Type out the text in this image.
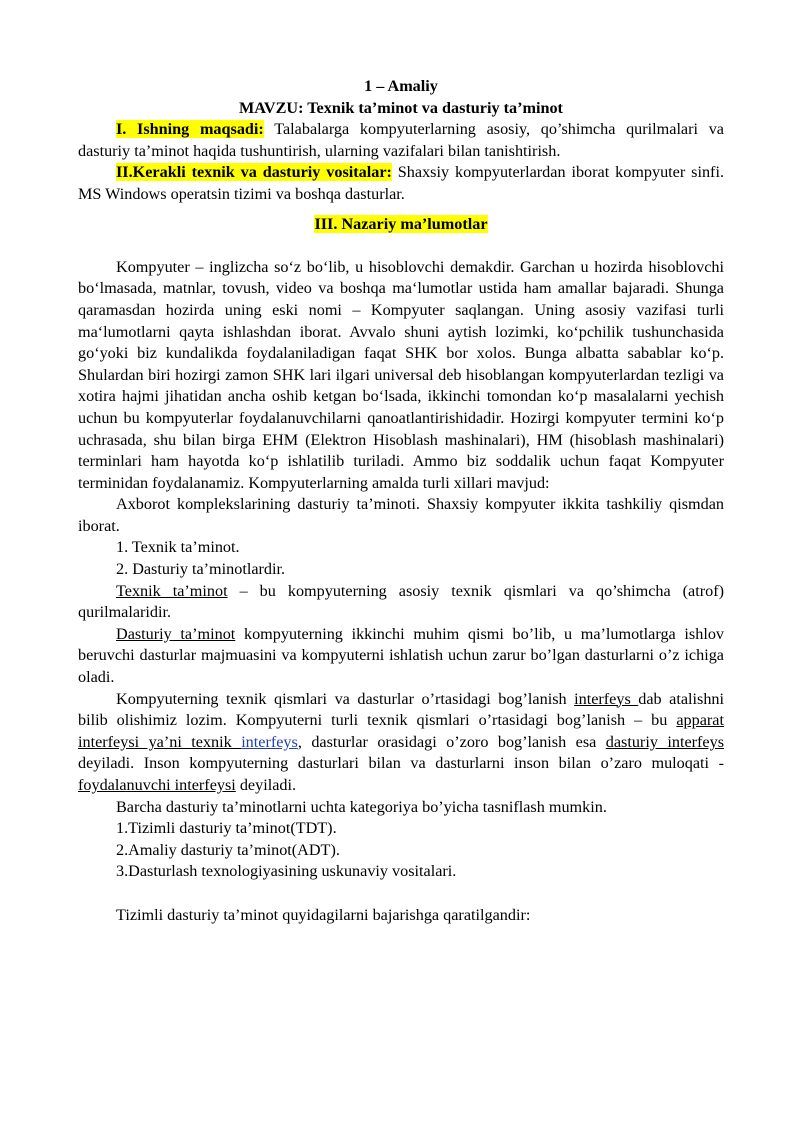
1 – Amaliy

MAVZU: Texnik ta’minot va dasturiy ta’minot

I. Ishning maqsadi: Talabalarga kompyuterlarning asosiy, qo’shimcha qurilmalari va dasturiy ta’minot haqida tushuntirish, ularning vazifalari bilan tanishtirish.

II.Kerakli texnik va dasturiy vositalar: Shaxsiy kompyuterlardan iborat kompyuter sinfi. MS Windows operatsin tizimi va boshqa dasturlar.

III. Nazariy ma’lumotlar

Kompyuter – inglizcha so‘z bo‘lib, u hisoblovchi demakdir. Garchan u hozirda hisoblovchi bo‘lmasada, matnlar, tovush, video va boshqa ma‘lumotlar ustida ham amallar bajaradi. Shunga qaramasdan hozirda uning eski nomi – Kompyuter saqlangan. Uning asosiy vazifasi turli ma‘lumotlarni qayta ishlashdan iborat. Avvalo shuni aytish lozimki, ko‘pchilik tushunchasida go‘yoki biz kundalikda foydalaniladigan faqat SHK bor xolos. Bunga albatta sabablar ko‘p. Shulardan biri hozirgi zamon SHK lari ilgari universal deb hisoblangan kompyuterlardan tezligi va xotira hajmi jihatidan ancha oshib ketgan bo‘lsada, ikkinchi tomondan ko‘p masalalarni yechish uchun bu kompyuterlar foydalanuvchilarni qanoatlantirishidadir. Hozirgi kompyuter termini ko‘p uchrasada, shu bilan birga EHM (Elektron Hisoblash mashinalari), HM (hisoblash mashinalari) terminlari ham hayotda ko‘p ishlatilib turiladi. Ammo biz soddalik uchun faqat Kompyuter terminidan foydalanamiz. Kompyuterlarning amalda turli xillari mavjud:

Axborot komplekslarining dasturiy ta’minoti. Shaxsiy kompyuter ikkita tashkiliy qismdan iborat.

1. Texnik ta’minot.

2. Dasturiy ta’minotlardir.

Texnik ta’minot – bu kompyuterning asosiy texnik qismlari va qo’shimcha (atrof) qurilmalaridir.

Dasturiy ta’minot kompyuterning ikkinchi muhim qismi bo’lib, u ma’lumotlarga ishlov beruvchi dasturlar majmuasini va kompyuterni ishlatish uchun zarur bo’lgan dasturlarni o’z ichiga oladi.

Kompyuterning texnik qismlari va dasturlar o’rtasidagi bog’lanish interfeys dab atalishni bilib olishimiz lozim. Kompyuterni turli texnik qismlari o’rtasidagi bog’lanish – bu apparat interfeysi ya’ni texnik interfeys, dasturlar orasidagi o’zoro bog’lanish esa dasturiy interfeys deyiladi. Inson kompyuterning dasturlari bilan va dasturlarni inson bilan o’zaro muloqati -foydalanuvchi interfeysi deyiladi.

Barcha dasturiy ta’minotlarni uchta kategoriya bo’yicha tasniflash mumkin.

1.Tizimli dasturiy ta’minot(TDT).

2.Amaliy dasturiy ta’minot(ADT).

3.Dasturlash texnologiyasining uskunaviy vositalari.

Tizimli dasturiy ta’minot quyidagilarni bajarishga qaratilgandir:
